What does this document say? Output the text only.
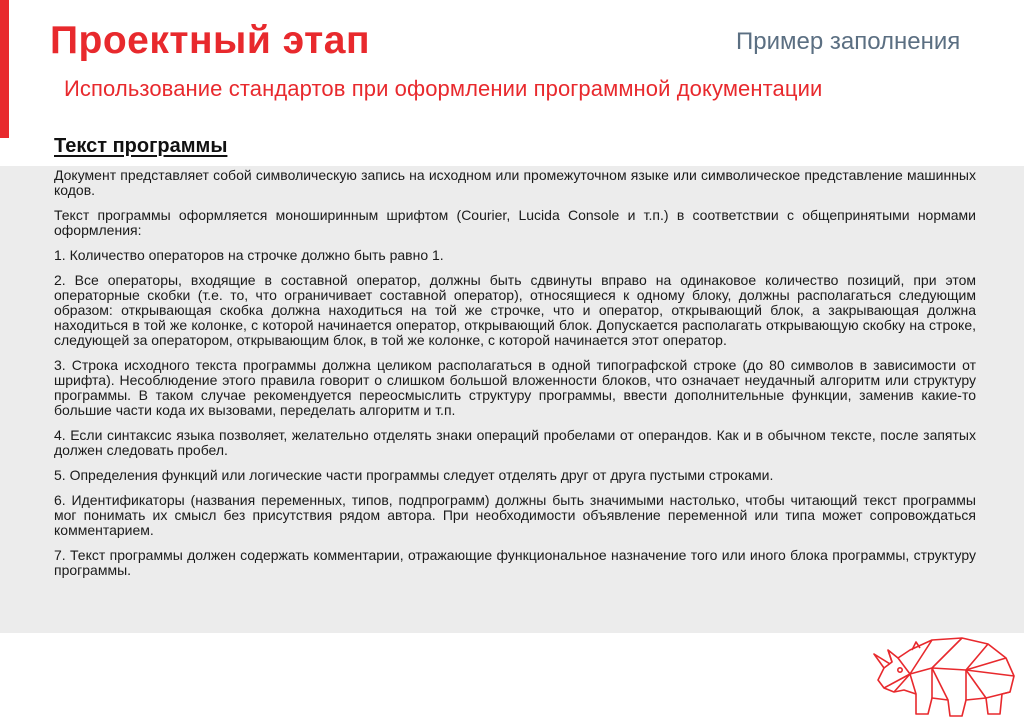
Проектный этап	Пример заполнения
Использование стандартов при оформлении программной документации
Текст программы

Документ представляет собой символическую запись на исходном или промежуточном языке или символическое представление машинных кодов.

Текст программы оформляется моноширинным шрифтом (Courier, Lucida Console и т.п.) в соответствии с общепринятыми нормами оформления:

1. Количество операторов на строчке должно быть равно 1.

2. Все операторы, входящие в составной оператор, должны быть сдвинуты вправо на одинаковое количество позиций, при этом операторные скобки (т.е. то, что ограничивает составной оператор), относящиеся к одному блоку, должны располагаться следующим образом: открывающая скобка должна находиться на той же строчке, что и оператор, открывающий блок, а закрывающая должна находиться в той же колонке, с которой начинается оператор, открывающий блок. Допускается располагать открывающую скобку на строке, следующей за оператором, открывающим блок, в той же колонке, с которой начинается этот оператор.

3. Строка исходного текста программы должна целиком располагаться в одной типографской строке (до 80 символов в зависимости от шрифта). Несоблюдение этого правила говорит о слишком большой вложенности блоков, что означает неудачный алгоритм или структуру программы. В таком случае рекомендуется переосмыслить структуру программы, ввести дополнительные функции, заменив какие-то большие части кода их вызовами, переделать алгоритм и т.п.

4. Если синтаксис языка позволяет, желательно отделять знаки операций пробелами от операндов. Как и в обычном тексте, после запятых должен следовать пробел.

5. Определения функций или логические части программы следует отделять друг от друга пустыми строками.

6. Идентификаторы (названия переменных, типов, подпрограмм) должны быть значимыми настолько, чтобы читающий текст программы мог понимать их смысл без присутствия рядом автора. При необходимости объявление переменной или типа может сопровождаться комментарием.

7. Текст программы должен содержать комментарии, отражающие функциональное назначение того или иного блока программы, структуру программы.
